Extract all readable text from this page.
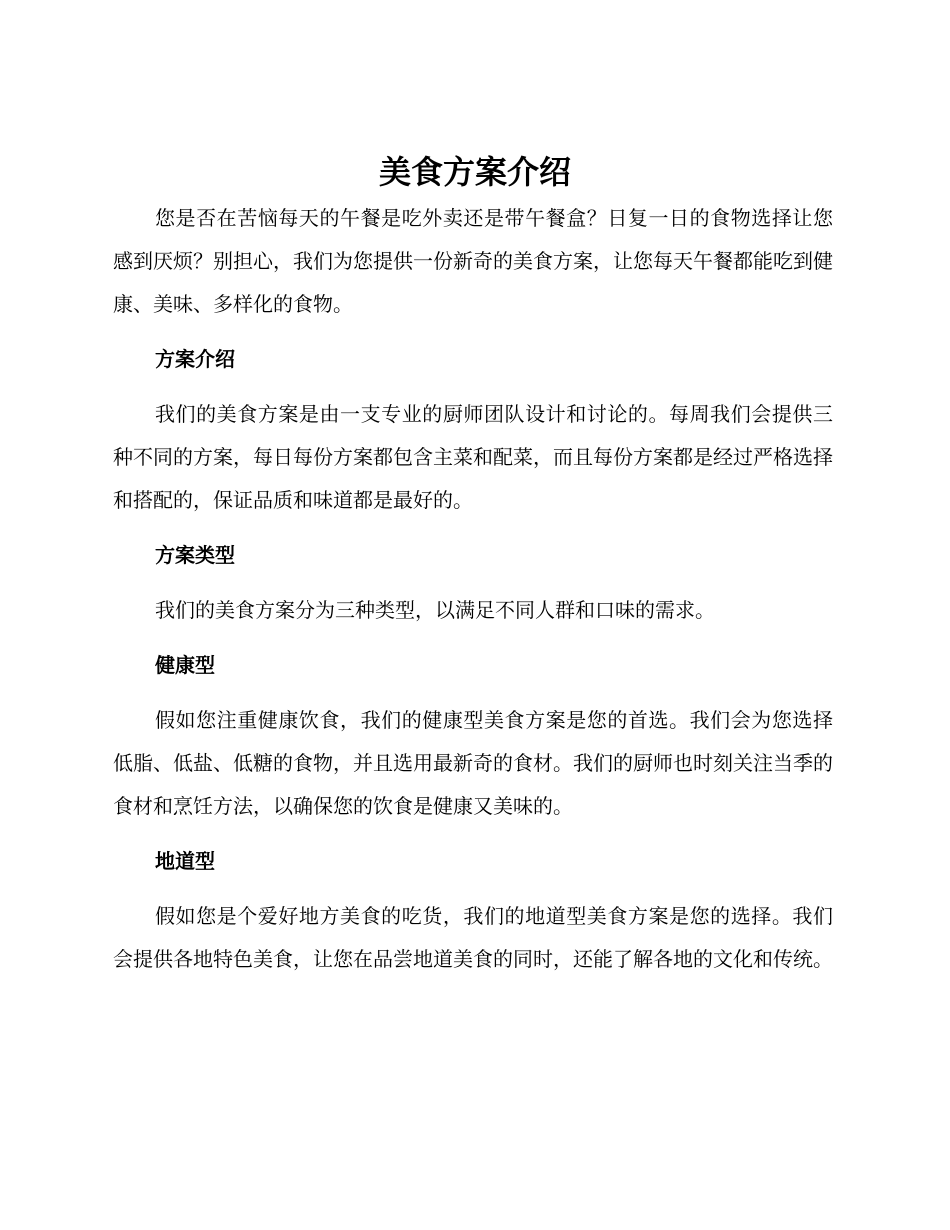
美食方案介绍

您是否在苦恼每天的午餐是吃外卖还是带午餐盒？日复一日的食物选择让您感到厌烦？别担心，我们为您提供一份新奇的美食方案，让您每天午餐都能吃到健康、美味、多样化的食物。

方案介绍

我们的美食方案是由一支专业的厨师团队设计和讨论的。每周我们会提供三种不同的方案，每日每份方案都包含主菜和配菜，而且每份方案都是经过严格选择和搭配的，保证品质和味道都是最好的。

方案类型

我们的美食方案分为三种类型，以满足不同人群和口味的需求。

健康型

假如您注重健康饮食，我们的健康型美食方案是您的首选。我们会为您选择低脂、低盐、低糖的食物，并且选用最新奇的食材。我们的厨师也时刻关注当季的食材和烹饪方法，以确保您的饮食是健康又美味的。

地道型

假如您是个爱好地方美食的吃货，我们的地道型美食方案是您的选择。我们会提供各地特色美食，让您在品尝地道美食的同时，还能了解各地的文化和传统。
